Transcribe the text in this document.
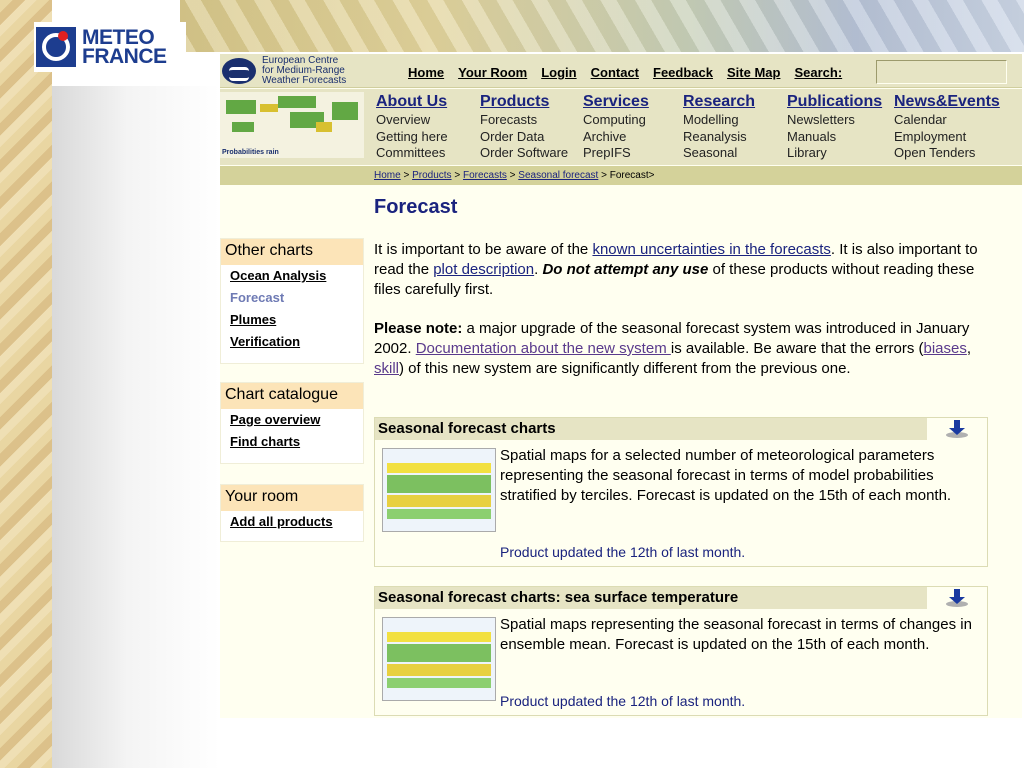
METEO
FRANCE	European Centre
for Medium-Range
Weather Forecasts
Home Your Room Login Contact Feedback Site Map Search:
Probabilities rain
About Us
Overview
Getting here
Committees
Products
Forecasts
Order Data
Order Software
Services
Computing
Archive
PrepIFS
Research
Modelling
Reanalysis
Seasonal
Publications
Newsletters
Manuals
Library
News&Events
Calendar
Employment
Open Tenders
Home > Products > Forecasts > Seasonal forecast > Forecast>
Forecast
Other charts
Ocean Analysis
Forecast
Plumes
Verification
Chart catalogue
Page overview
Find charts
Your room
Add all products
It is important to be aware of the known uncertainties in the forecasts. It is also important to read the plot description. Do not attempt any use of these products without reading these files carefully first.
Please note: a major upgrade of the seasonal forecast system was introduced in January 2002. Documentation about the new system is available. Be aware that the errors (biases, skill) of this new system are significantly different from the previous one.
Seasonal forecast charts
Spatial maps for a selected number of meteorological parameters representing the seasonal forecast in terms of model probabilities stratified by terciles. Forecast is updated on the 15th of each month.
Product updated the 12th of last month.
Seasonal forecast charts: sea surface temperature
Spatial maps representing the seasonal forecast in terms of changes in ensemble mean. Forecast is updated on the 15th of each month.
Product updated the 12th of last month.
